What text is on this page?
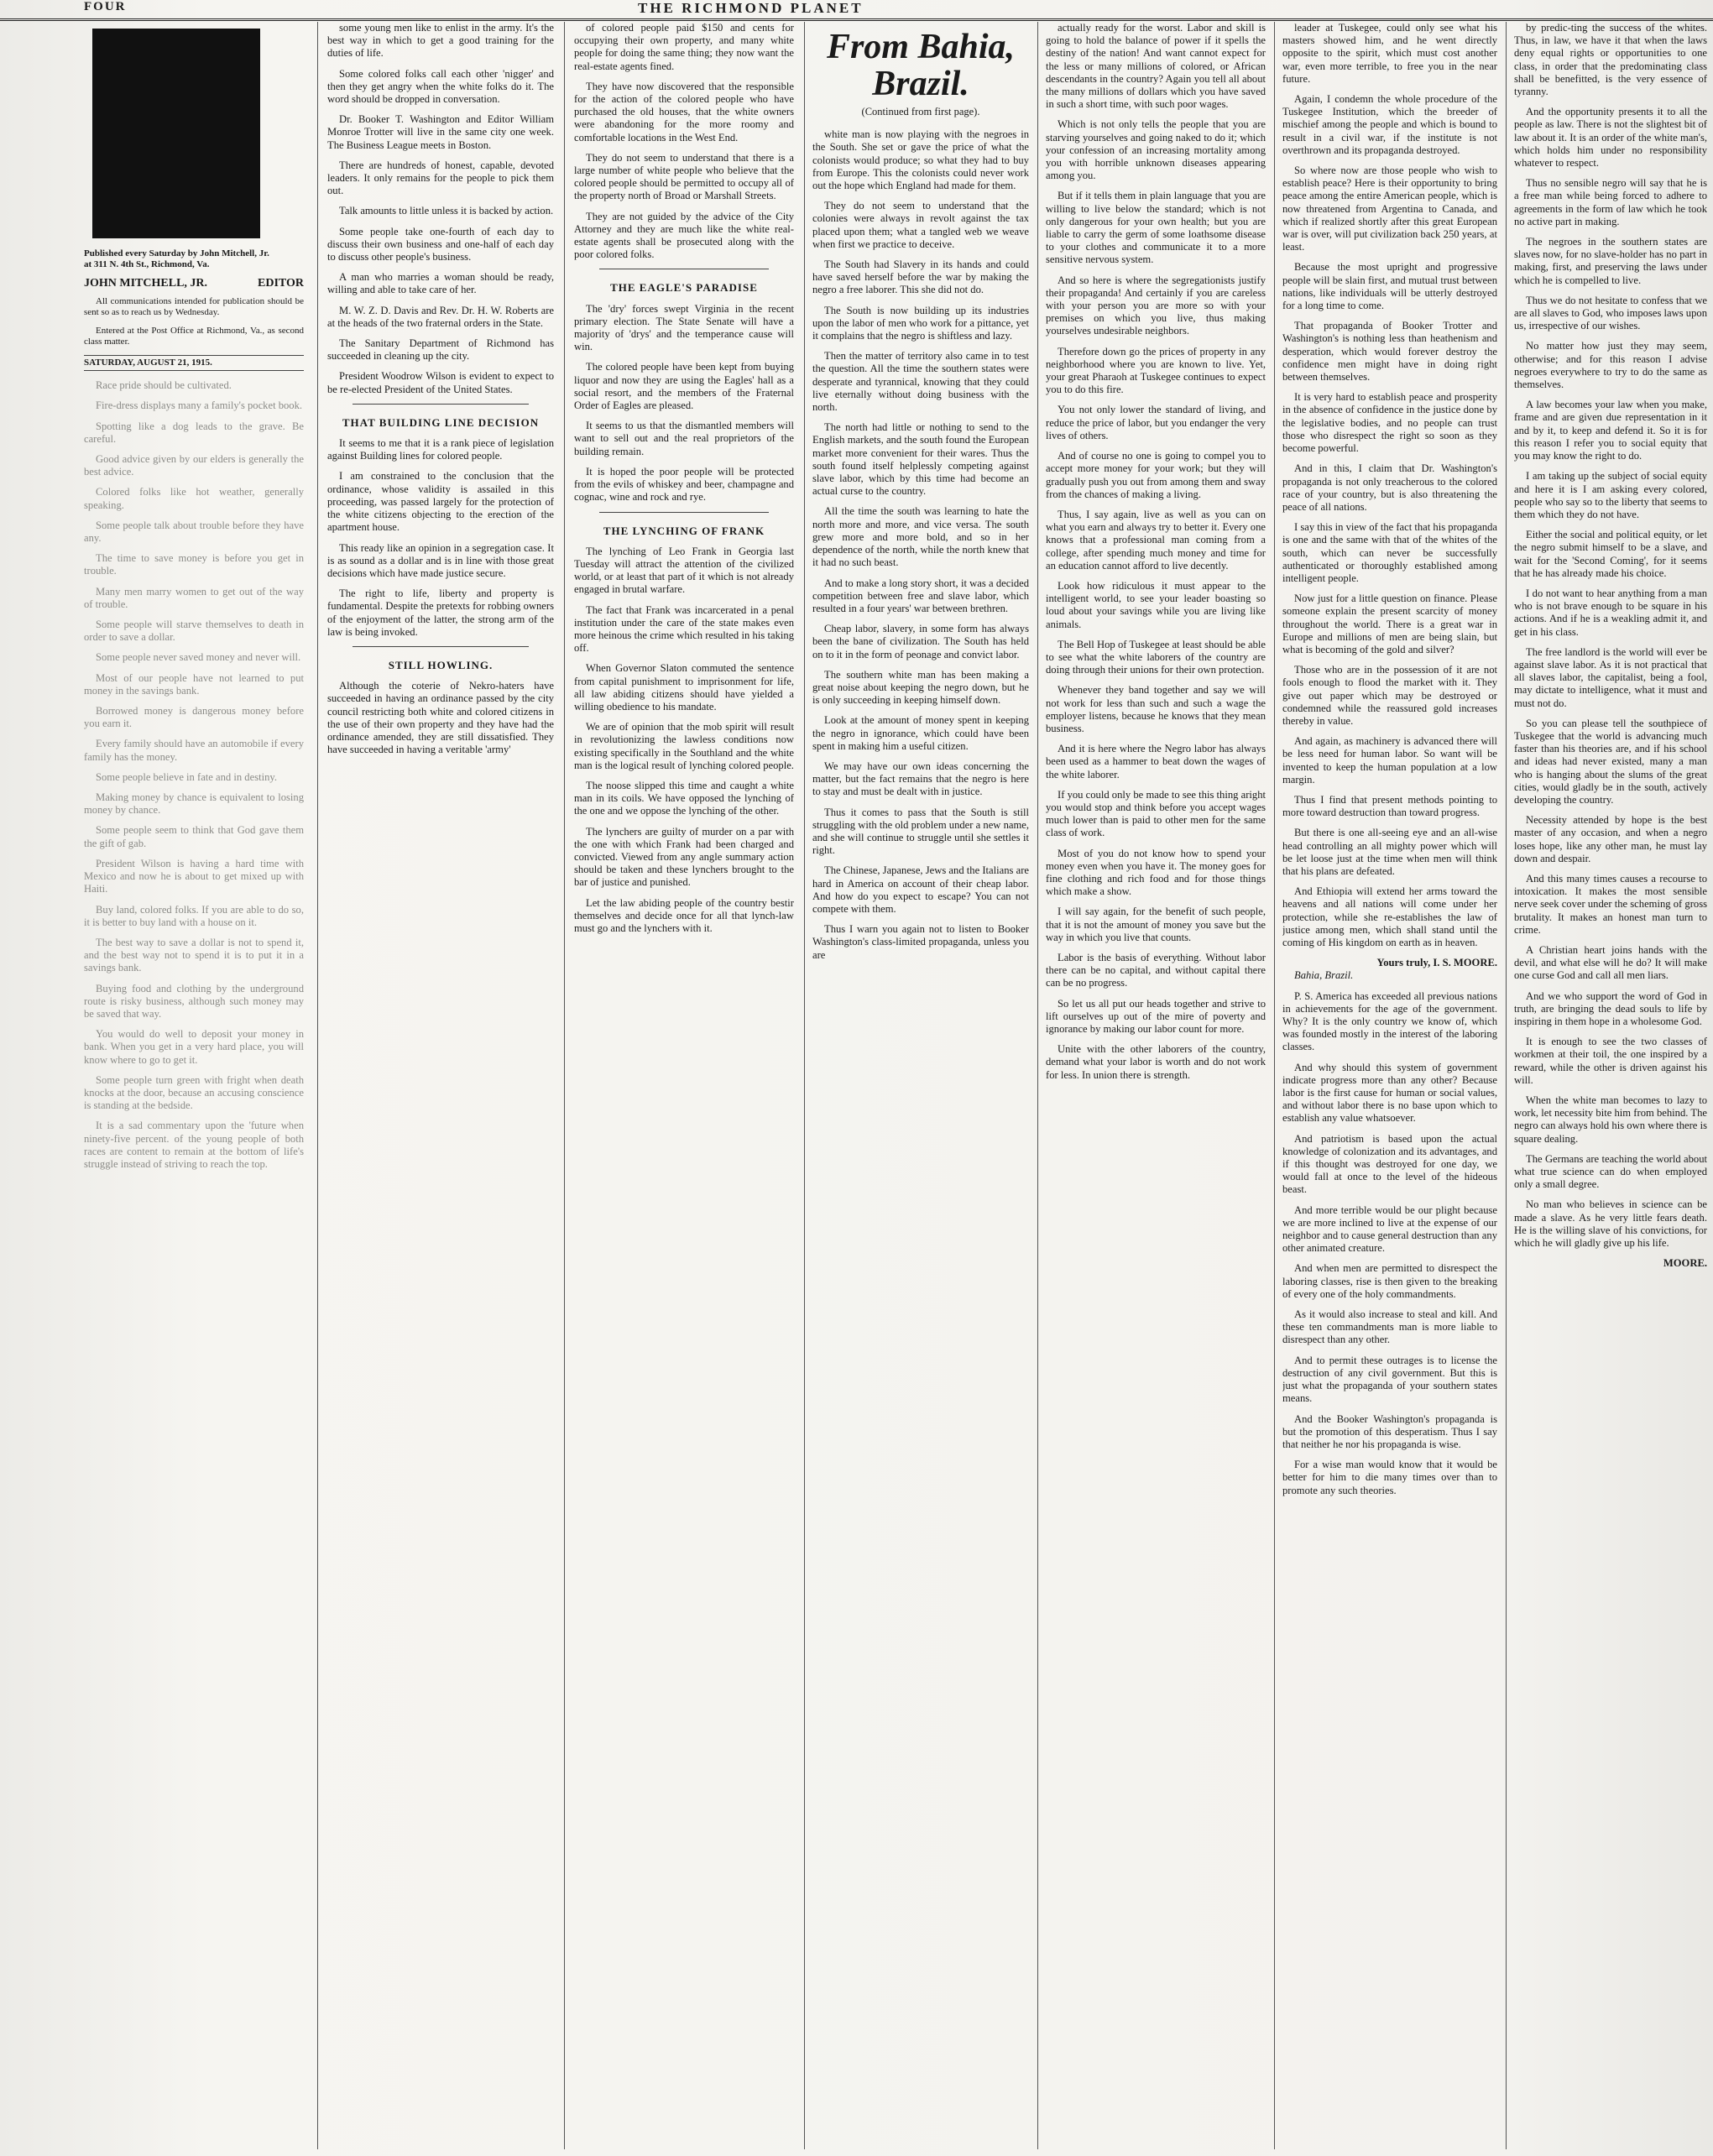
FOUR	THE RICHMOND PLANET
Published every Saturday by John Mitchell, Jr.
at 311 N. 4th St., Richmond, Va.
JOHN MITCHELL, JR.	EDITOR

All communications intended for publication should be sent so as to reach us by Wednesday.

Entered at the Post Office at Richmond, Va., as second class matter.

SATURDAY, AUGUST 21, 1915.

Race pride should be cultivated.

Fire-dress displays many a family's pocket book.

Spotting like a dog leads to the grave. Be careful.

Good advice given by our elders is generally the best advice.

Colored folks like hot weather, generally speaking.

Some people talk about trouble before they have any.

The time to save money is before you get in trouble.

Many men marry women to get out of the way of trouble.

Some people will starve themselves to death in order to save a dollar.

Some people never saved money and never will.

Most of our people have not learned to put money in the savings bank.

Borrowed money is dangerous money before you earn it.

Every family should have an automobile if every family has the money.

Some people believe in fate and in destiny.

Making money by chance is equivalent to losing money by chance.

Some people seem to think that God gave them the gift of gab.

President Wilson is having a hard time with Mexico and now he is about to get mixed up with Haiti.

Buy land, colored folks. If you are able to do so, it is better to buy land with a house on it.

The best way to save a dollar is not to spend it, and the best way not to spend it is to put it in a savings bank.

Buying food and clothing by the underground route is risky business, although such money may be saved that way.

You would do well to deposit your money in bank. When you get in a very hard place, you will know where to go to get it.

Some people turn green with fright when death knocks at the door, because an accusing conscience is standing at the bedside.

It is a sad commentary upon the 'future when ninety-five percent. of the young people of both races are content to remain at the bottom of life's struggle instead of striving to reach the top.

some young men like to enlist in the army. It's the best way in which to get a good training for the duties of life.

Some colored folks call each other 'nigger' and then they get angry when the white folks do it. The word should be dropped in conversation.

Dr. Booker T. Washington and Editor William Monroe Trotter will live in the same city one week. The Business League meets in Boston.

There are hundreds of honest, capable, devoted leaders. It only remains for the people to pick them out.

Talk amounts to little unless it is backed by action.

Some people take one-fourth of each day to discuss their own business and one-half of each day to discuss other people's business.

A man who marries a woman should be ready, willing and able to take care of her.

M. W. Z. D. Davis and Rev. Dr. H. W. Roberts are at the heads of the two fraternal orders in the State.

The Sanitary Department of Richmond has succeeded in cleaning up the city.

President Woodrow Wilson is evident to expect to be re-elected President of the United States.

THAT BUILDING LINE DECISION

It seems to me that it is a rank piece of legislation against Building lines for colored people.

I am constrained to the conclusion that the ordinance, whose validity is assailed in this proceeding, was passed largely for the protection of the white citizens objecting to the erection of the apartment house.

This ready like an opinion in a segregation case. It is as sound as a dollar and is in line with those great decisions which have made justice secure.

The right to life, liberty and property is fundamental. Despite the pretexts for robbing owners of the enjoyment of the latter, the strong arm of the law is being invoked.

STILL HOWLING.

Although the coterie of Nekro-haters have succeeded in having an ordinance passed by the city council restricting both white and colored citizens in the use of their own property and they have had the ordinance amended, they are still dissatisfied. They have succeeded in having a veritable 'army'

of colored people paid $150 and cents for occupying their own property, and many white people for doing the same thing; they now want the real-estate agents fined.

They have now discovered that the responsible for the action of the colored people who have purchased the old houses, that the white owners were abandoning for the more roomy and comfortable locations in the West End.

They do not seem to understand that there is a large number of white people who believe that the colored people should be permitted to occupy all of the property north of Broad or Marshall Streets.

They are not guided by the advice of the City Attorney and they are much like the white real-estate agents shall be prosecuted along with the poor colored folks.

THE EAGLE'S PARADISE

The 'dry' forces swept Virginia in the recent primary election. The State Senate will have a majority of 'drys' and the temperance cause will win.

The colored people have been kept from buying liquor and now they are using the Eagles' hall as a social resort, and the members of the Fraternal Order of Eagles are pleased.

It seems to us that the dismantled members will want to sell out and the real proprietors of the building remain.

It is hoped the poor people will be protected from the evils of whiskey and beer, champagne and cognac, wine and rock and rye.

THE LYNCHING OF FRANK

The lynching of Leo Frank in Georgia last Tuesday will attract the attention of the civilized world, or at least that part of it which is not already engaged in brutal warfare.

The fact that Frank was incarcerated in a penal institution under the care of the state makes even more heinous the crime which resulted in his taking off.

When Governor Slaton commuted the sentence from capital punishment to imprisonment for life, all law abiding citizens should have yielded a willing obedience to his mandate.

We are of opinion that the mob spirit will result in revolutionizing the lawless conditions now existing specifically in the Southland and the white man is the logical result of lynching colored people.

The noose slipped this time and caught a white man in its coils. We have opposed the lynching of the one and we oppose the lynching of the other.

The lynchers are guilty of murder on a par with the one with which Frank had been charged and convicted. Viewed from any angle summary action should be taken and these lynchers brought to the bar of justice and punished.

Let the law abiding people of the country bestir themselves and decide once for all that lynch-law must go and the lynchers with it.

From Bahia, Brazil.
(Continued from first page).

white man is now playing with the negroes in the South. She set or gave the price of what the colonists would produce; so what they had to buy from Europe. This the colonists could never work out the hope which England had made for them.

They do not seem to understand that the colonies were always in revolt against the tax placed upon them; what a tangled web we weave when first we practice to deceive.

The South had Slavery in its hands and could have saved herself before the war by making the negro a free laborer. This she did not do.

The South is now building up its industries upon the labor of men who work for a pittance, yet it complains that the negro is shiftless and lazy.

Then the matter of territory also came in to test the question. All the time the southern states were desperate and tyrannical, knowing that they could live eternally without doing business with the north.

The north had little or nothing to send to the English markets, and the south found the European market more convenient for their wares. Thus the south found itself helplessly competing against slave labor, which by this time had become an actual curse to the country.

All the time the south was learning to hate the north more and more, and vice versa. The south grew more and more bold, and so in her dependence of the north, while the north knew that it had no such beast.

And to make a long story short, it was a decided competition between free and slave labor, which resulted in a four years' war between brethren.

Cheap labor, slavery, in some form has always been the bane of civilization. The South has held on to it in the form of peonage and convict labor.

The southern white man has been making a great noise about keeping the negro down, but he is only succeeding in keeping himself down.

Look at the amount of money spent in keeping the negro in ignorance, which could have been spent in making him a useful citizen.

We may have our own ideas concerning the matter, but the fact remains that the negro is here to stay and must be dealt with in justice.

Thus it comes to pass that the South is still struggling with the old problem under a new name, and she will continue to struggle until she settles it right.

The Chinese, Japanese, Jews and the Italians are hard in America on account of their cheap labor. And how do you expect to escape? You can not compete with them.

Thus I warn you again not to listen to Booker Washington's class-limited propaganda, unless you are

actually ready for the worst. Labor and skill is going to hold the balance of power if it spells the destiny of the nation! And want cannot expect for the less or many millions of colored, or African descendants in the country? Again you tell all about the many millions of dollars which you have saved in such a short time, with such poor wages.

Which is not only tells the people that you are starving yourselves and going naked to do it; which your confession of an increasing mortality among you with horrible unknown diseases appearing among you.

But if it tells them in plain language that you are willing to live below the standard; which is not only dangerous for your own health; but you are liable to carry the germ of some loathsome disease to your clothes and communicate it to a more sensitive nervous system.

And so here is where the segregationists justify their propaganda! And certainly if you are careless with your person you are more so with your premises on which you live, thus making yourselves undesirable neighbors.

Therefore down go the prices of property in any neighborhood where you are known to live. Yet, your great Pharaoh at Tuskegee continues to expect you to do this fire.

You not only lower the standard of living, and reduce the price of labor, but you endanger the very lives of others.

And of course no one is going to compel you to accept more money for your work; but they will gradually push you out from among them and sway from the chances of making a living.

Thus, I say again, live as well as you can on what you earn and always try to better it. Every one knows that a professional man coming from a college, after spending much money and time for an education cannot afford to live decently.

Look how ridiculous it must appear to the intelligent world, to see your leader boasting so loud about your savings while you are living like animals.

The Bell Hop of Tuskegee at least should be able to see what the white laborers of the country are doing through their unions for their own protection.

Whenever they band together and say we will not work for less than such and such a wage the employer listens, because he knows that they mean business.

And it is here where the Negro labor has always been used as a hammer to beat down the wages of the white laborer.

If you could only be made to see this thing aright you would stop and think before you accept wages much lower than is paid to other men for the same class of work.

Most of you do not know how to spend your money even when you have it. The money goes for fine clothing and rich food and for those things which make a show.

I will say again, for the benefit of such people, that it is not the amount of money you save but the way in which you live that counts.

Labor is the basis of everything. Without labor there can be no capital, and without capital there can be no progress.

So let us all put our heads together and strive to lift ourselves up out of the mire of poverty and ignorance by making our labor count for more.

Unite with the other laborers of the country, demand what your labor is worth and do not work for less. In union there is strength.

leader at Tuskegee, could only see what his masters showed him, and he went directly opposite to the spirit, which must cost another war, even more terrible, to free you in the near future.

Again, I condemn the whole procedure of the Tuskegee Institution, which the breeder of mischief among the people and which is bound to result in a civil war, if the institute is not overthrown and its propaganda destroyed.

So where now are those people who wish to establish peace? Here is their opportunity to bring peace among the entire American people, which is now threatened from Argentina to Canada, and which if realized shortly after this great European war is over, will put civilization back 250 years, at least.

Because the most upright and progressive people will be slain first, and mutual trust between nations, like individuals will be utterly destroyed for a long time to come.

That propaganda of Booker Trotter and Washington's is nothing less than heathenism and desperation, which would forever destroy the confidence men might have in doing right between themselves.

It is very hard to establish peace and prosperity in the absence of confidence in the justice done by the legislative bodies, and no people can trust those who disrespect the right so soon as they become powerful.

And in this, I claim that Dr. Washington's propaganda is not only treacherous to the colored race of your country, but is also threatening the peace of all nations.

I say this in view of the fact that his propaganda is one and the same with that of the whites of the south, which can never be successfully authenticated or thoroughly established among intelligent people.

Now just for a little question on finance. Please someone explain the present scarcity of money throughout the world. There is a great war in Europe and millions of men are being slain, but what is becoming of the gold and silver?

Those who are in the possession of it are not fools enough to flood the market with it. They give out paper which may be destroyed or condemned while the reassured gold increases thereby in value.

And again, as machinery is advanced there will be less need for human labor. So want will be invented to keep the human population at a low margin.

Thus I find that present methods pointing to more toward destruction than toward progress.

But there is one all-seeing eye and an all-wise head controlling an all mighty power which will be let loose just at the time when men will think that his plans are defeated.

And Ethiopia will extend her arms toward the heavens and all nations will come under her protection, while she re-establishes the law of justice among men, which shall stand until the coming of His kingdom on earth as in heaven.

Yours truly, I. S. MOORE.
Bahia, Brazil.

P. S. America has exceeded all previous nations in achievements for the age of the government. Why? It is the only country we know of, which was founded mostly in the interest of the laboring classes.

And why should this system of government indicate progress more than any other? Because labor is the first cause for human or social values, and without labor there is no base upon which to establish any value whatsoever.

And patriotism is based upon the actual knowledge of colonization and its advantages, and if this thought was destroyed for one day, we would fall at once to the level of the hideous beast.

And more terrible would be our plight because we are more inclined to live at the expense of our neighbor and to cause general destruction than any other animated creature.

And when men are permitted to disrespect the laboring classes, rise is then given to the breaking of every one of the holy commandments.

As it would also increase to steal and kill. And these ten commandments man is more liable to disrespect than any other.

And to permit these outrages is to license the destruction of any civil government. But this is just what the propaganda of your southern states means.

And the Booker Washington's propaganda is but the promotion of this desperatism. Thus I say that neither he nor his propaganda is wise.

For a wise man would know that it would be better for him to die many times over than to promote any such theories.

by predic-ting the success of the whites. Thus, in law, we have it that when the laws deny equal rights or opportunities to one class, in order that the predominating class shall be benefitted, is the very essence of tyranny.

And the opportunity presents it to all the people as law. There is not the slightest bit of law about it. It is an order of the white man's, which holds him under no responsibility whatever to respect.

Thus no sensible negro will say that he is a free man while being forced to adhere to agreements in the form of law which he took no active part in making.

The negroes in the southern states are slaves now, for no slave-holder has no part in making, first, and preserving the laws under which he is compelled to live.

Thus we do not hesitate to confess that we are all slaves to God, who imposes laws upon us, irrespective of our wishes.

No matter how just they may seem, otherwise; and for this reason I advise negroes everywhere to try to do the same as themselves.

A law becomes your law when you make, frame and are given due representation in it and by it, to keep and defend it. So it is for this reason I refer you to social equity that you may know the right to do.

I am taking up the subject of social equity and here it is I am asking every colored, people who say so to the liberty that seems to them which they do not have.

Either the social and political equity, or let the negro submit himself to be a slave, and wait for the 'Second Coming', for it seems that he has already made his choice.

I do not want to hear anything from a man who is not brave enough to be square in his actions. And if he is a weakling admit it, and get in his class.

The free landlord is the world will ever be against slave labor. As it is not practical that all slaves labor, the capitalist, being a fool, may dictate to intelligence, what it must and must not do.

So you can please tell the southpiece of Tuskegee that the world is advancing much faster than his theories are, and if his school and ideas had never existed, many a man who is hanging about the slums of the great cities, would gladly be in the south, actively developing the country.

Necessity attended by hope is the best master of any occasion, and when a negro loses hope, like any other man, he must lay down and despair.

And this many times causes a recourse to intoxication. It makes the most sensible nerve seek cover under the scheming of gross brutality. It makes an honest man turn to crime.

A Christian heart joins hands with the devil, and what else will he do? It will make one curse God and call all men liars.

And we who support the word of God in truth, are bringing the dead souls to life by inspiring in them hope in a wholesome God.

It is enough to see the two classes of workmen at their toil, the one inspired by a reward, while the other is driven against his will.

When the white man becomes to lazy to work, let necessity bite him from behind. The negro can always hold his own where there is square dealing.

The Germans are teaching the world about what true science can do when employed only a small degree.

No man who believes in science can be made a slave. As he very little fears death. He is the willing slave of his convictions, for which he will gladly give up his life.

MOORE.
